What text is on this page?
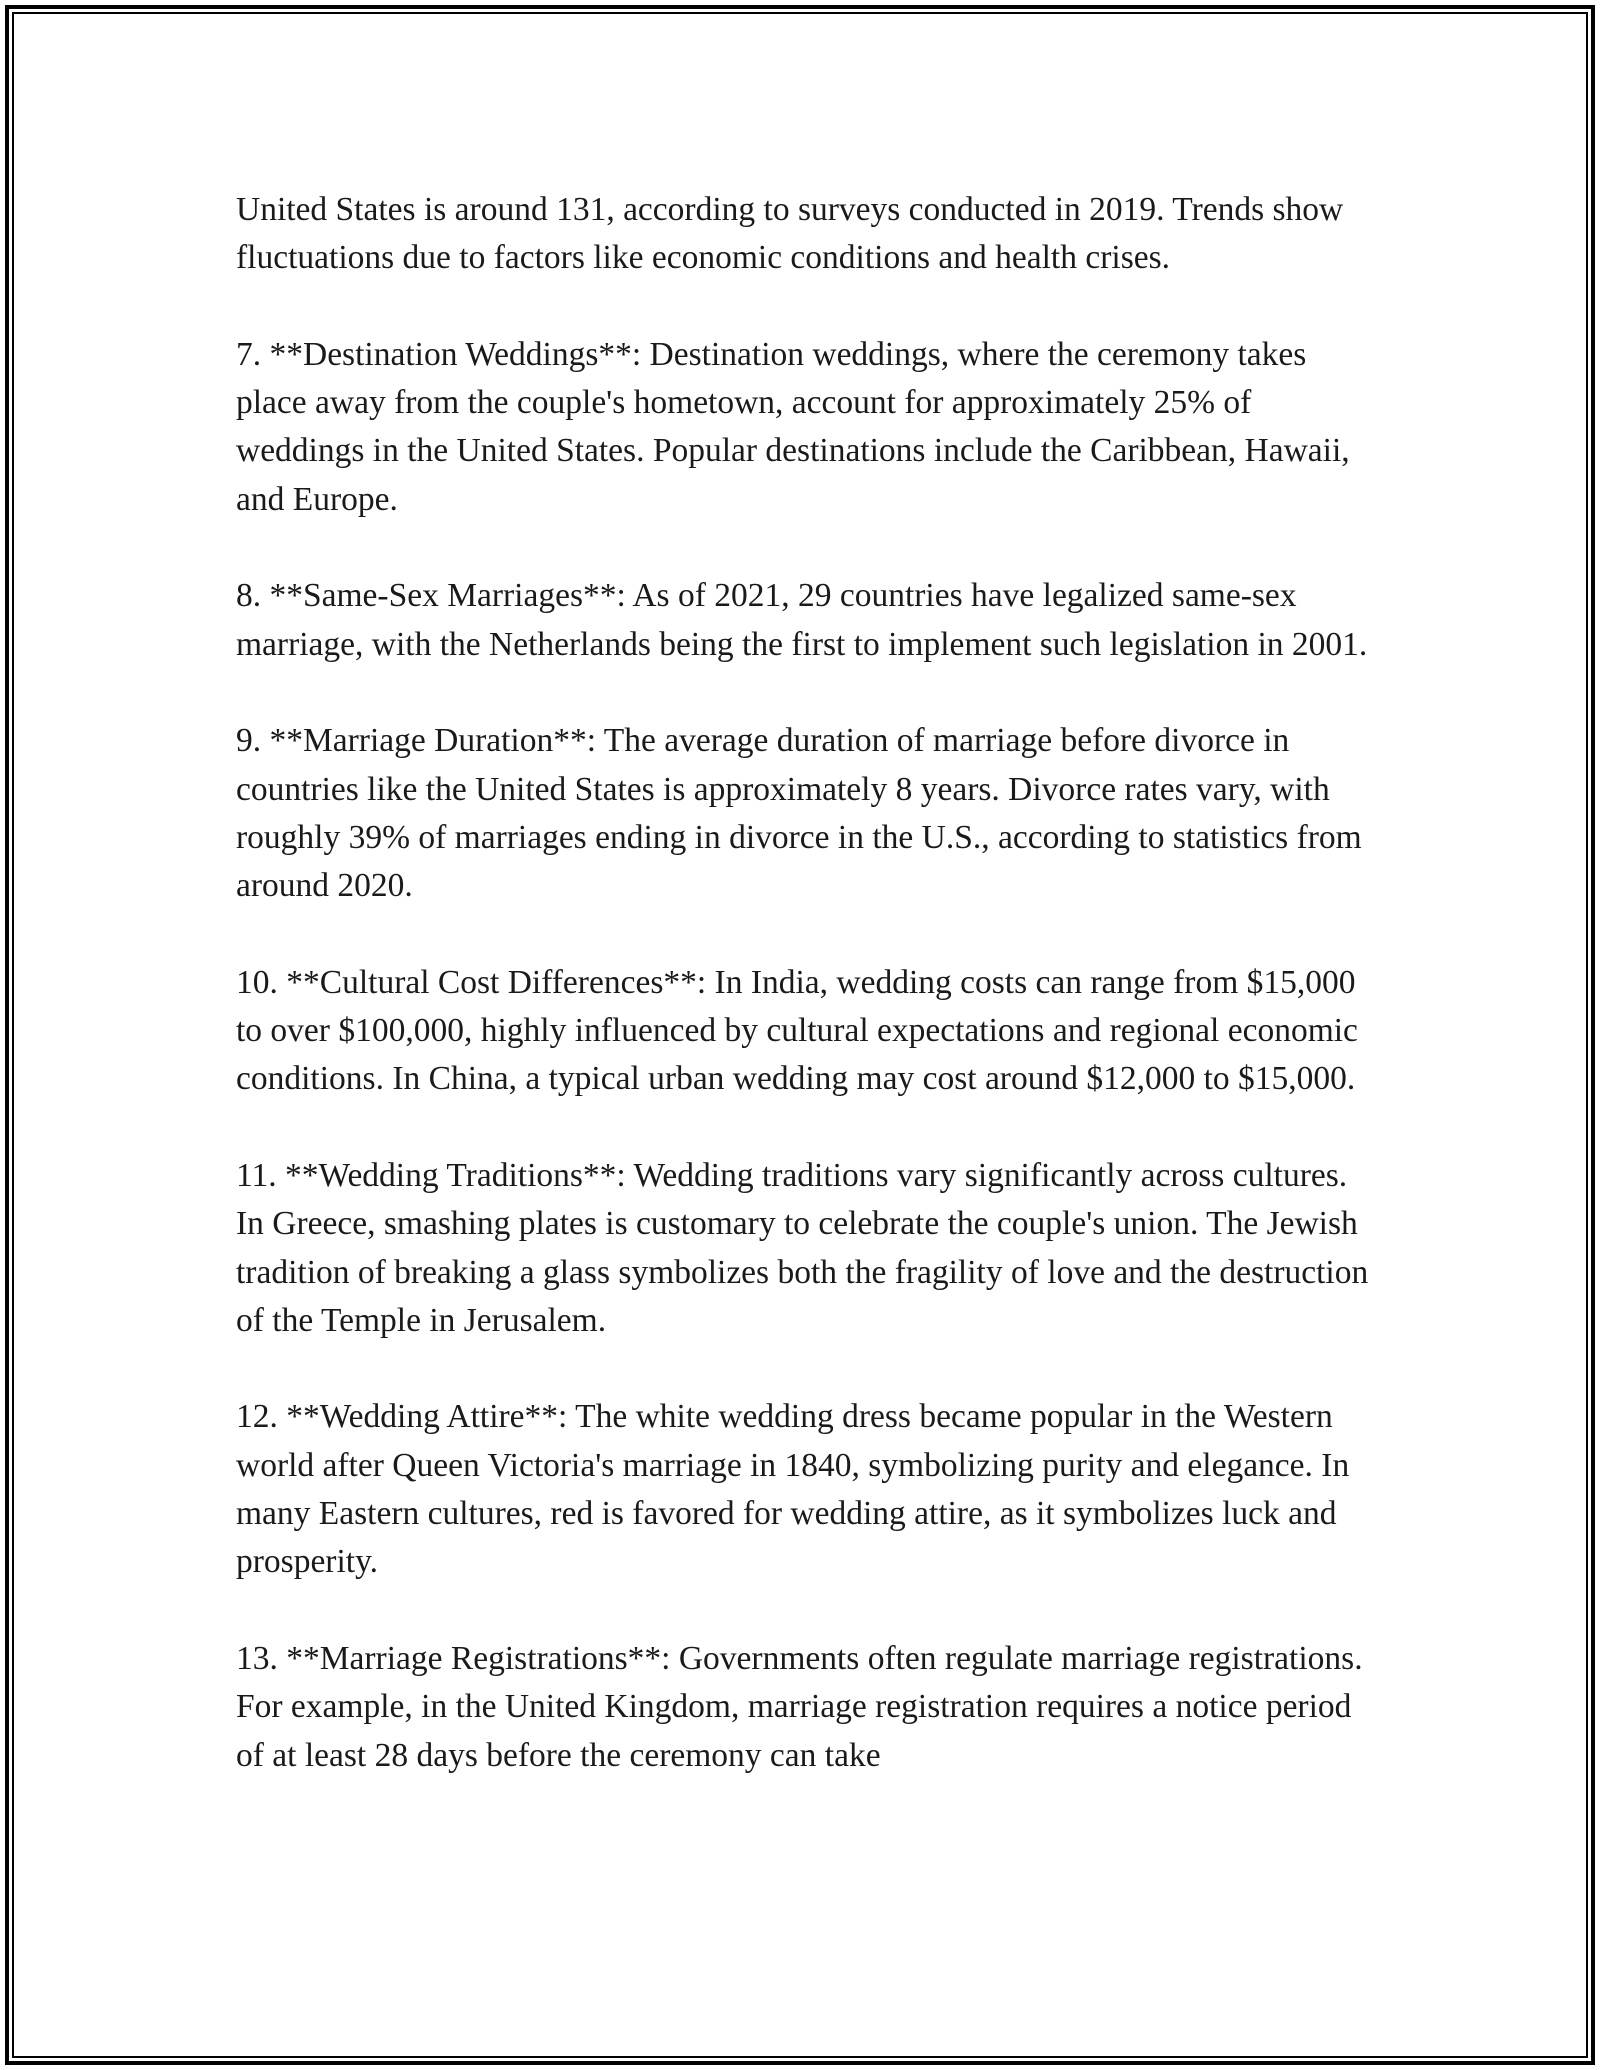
United States is around 131, according to surveys conducted in 2019. Trends show fluctuations due to factors like economic conditions and health crises.

7. **Destination Weddings**: Destination weddings, where the ceremony takes place away from the couple's hometown, account for approximately 25% of weddings in the United States. Popular destinations include the Caribbean, Hawaii, and Europe.

8. **Same-Sex Marriages**: As of 2021, 29 countries have legalized same-sex marriage, with the Netherlands being the first to implement such legislation in 2001.

9. **Marriage Duration**: The average duration of marriage before divorce in countries like the United States is approximately 8 years. Divorce rates vary, with roughly 39% of marriages ending in divorce in the U.S., according to statistics from around 2020.

10. **Cultural Cost Differences**: In India, wedding costs can range from $15,000 to over $100,000, highly influenced by cultural expectations and regional economic conditions. In China, a typical urban wedding may cost around $12,000 to $15,000.

11. **Wedding Traditions**: Wedding traditions vary significantly across cultures. In Greece, smashing plates is customary to celebrate the couple's union. The Jewish tradition of breaking a glass symbolizes both the fragility of love and the destruction of the Temple in Jerusalem.

12. **Wedding Attire**: The white wedding dress became popular in the Western world after Queen Victoria's marriage in 1840, symbolizing purity and elegance. In many Eastern cultures, red is favored for wedding attire, as it symbolizes luck and prosperity.

13. **Marriage Registrations**: Governments often regulate marriage registrations. For example, in the United Kingdom, marriage registration requires a notice period of at least 28 days before the ceremony can take
